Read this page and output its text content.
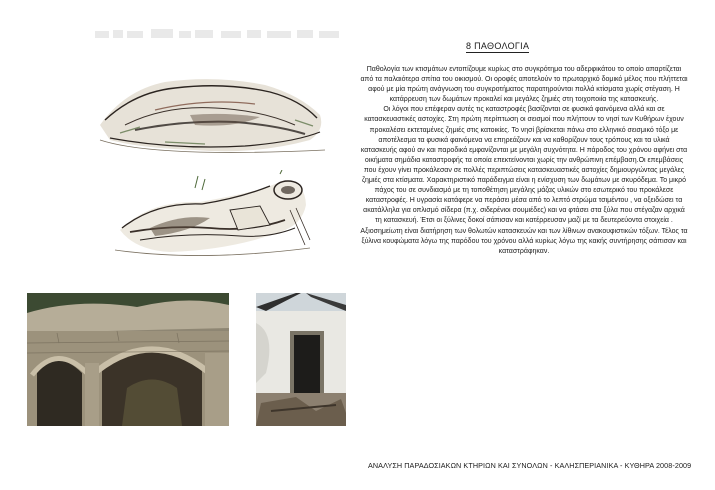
8 ΠΑΘΟΛΟΓΙΑ

Παθολογία των κτισμάτων εντοπίζουμε κυρίως στο συγκρότημα του αδερφικάτου το οποίο απαρτίζεται από τα παλαιότερα σπίτια του οικισμού. Οι οροφές αποτελούν το πρωταρχικό δομικό μέλος που πλήττεται αφού με μία πρώτη ανάγνωση του συγκροτήματος παρατηρούνται πολλά κτίσματα χωρίς στέγαση. Η κατάρρευση των δωμάτων προκαλεί και μεγάλες ζημιές στη τοιχοποιία της κατασκευής.

Οι λόγοι που επέφεραν αυτές τις καταστροφές βασίζονται σε φυσικά φαινόμενα αλλά και σε κατασκευαστικές αστοχίες. Στη πρώτη περίπτωση οι σεισμοί που πλήττουν το νησί των Κυθήρων έχουν προκαλέσει εκτεταμένες ζημιές στις κατοικίες. Το νησί βρίσκεται πάνω στο ελληνικό σεισμικό τόξο με αποτέλεσμα τα φυσικά φαινόμενα να επηρεάζουν και να καθορίζουν τους τρόπους και τα υλικά κατασκευής αφού αν και παροδικά εμφανίζονται με μεγάλη συχνότητα. Η πάροδος του χρόνου αφήνει στα οικήματα σημάδια καταστροφής τα οποία επεκτείνονται χωρίς την ανθρώπινη επέμβαση.Οι επεμβάσεις που έχουν γίνει προκάλεσαν σε πολλές περιπτώσεις κατασκευαστικές αστοχίες δημιουργώντας μεγάλες ζημιές στα κτίσματα. Χαρακτηριστικό παράδειγμα είναι η ενίσχυση των δωμάτων με σκυρόδεμα. Το μικρό πάχος του σε συνδιασμό με τη τοποθέτηση μεγάλης μάζας υλικών στο εσωτερικό του προκάλεσε καταστροφές. Η υγρασία κατάφερε να περάσει μέσα από το λεπτό στρώμα τσιμέντου , να οξειδώσει τα ακατάλληλα για οπλισμό σίδερα (π.χ. σιδερένιοι σουμιέδες) και να φτάσει στα ξύλα που στέγαζαν αρχικά τη κατασκευή. Έτσι οι ξύλινες δοκοί σάπισαν και κατέρρευσαν μαζί με τα δευτερεύοντα στοιχεία . Αξιοσημείωτη είναι διατήρηση των θολωτών κατασκευών και των λίθινων ανακουφιστικών τόξων. Τέλος τα ξύλινα κουφώματα λόγω της παρόδου του χρόνου αλλά κυρίως λόγω της κακής συντήρησης σάπισαν και καταστράφηκαν.

ΑΝΑΛΥΣΗ ΠΑΡΑΔΟΣΙΑΚΩΝ ΚΤΗΡΙΩΝ ΚΑΙ ΣΥΝΟΛΩΝ - ΚΑΛΗΣΠΕΡΙΑΝΙΚΑ - ΚΥΘΗΡΑ 2008-2009
